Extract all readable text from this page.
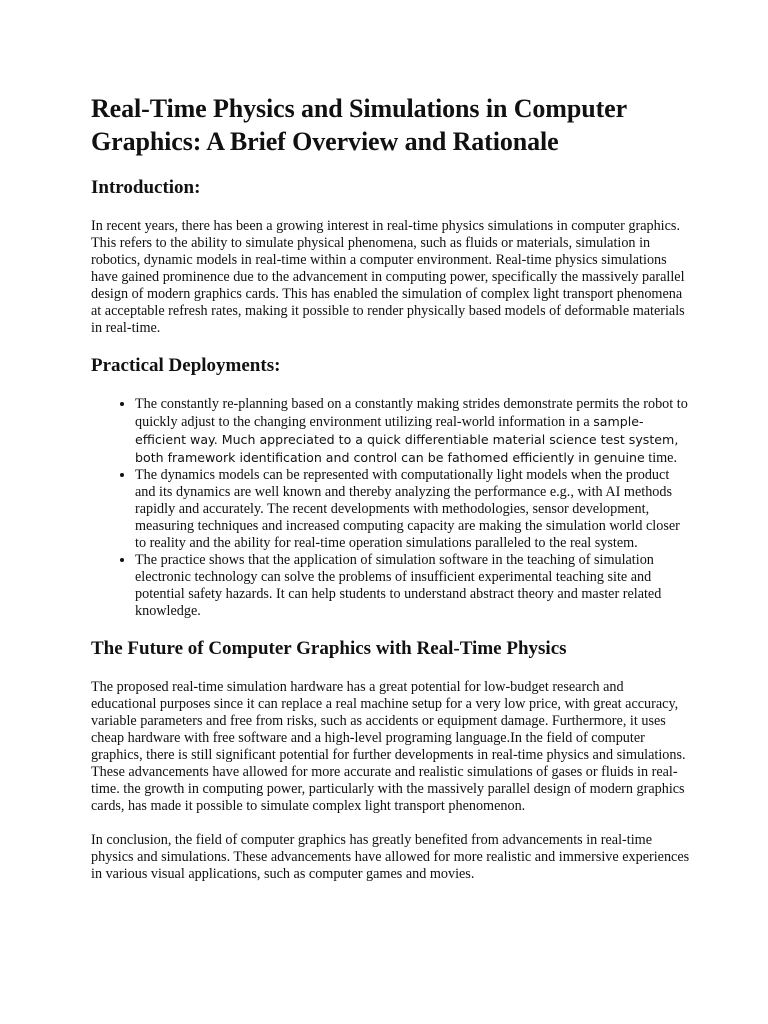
Real-Time Physics and Simulations in Computer Graphics: A Brief Overview and Rationale
Introduction:

In recent years, there has been a growing interest in real-time physics simulations in computer graphics. This refers to the ability to simulate physical phenomena, such as fluids or materials, simulation in robotics, dynamic models in real-time within a computer environment. Real-time physics simulations have gained prominence due to the advancement in computing power, specifically the massively parallel design of modern graphics cards. This has enabled the simulation of complex light transport phenomena at acceptable refresh rates, making it possible to render physically based models of deformable materials in real-time.

Practical Deployments:
• The constantly re-planning based on a constantly making strides demonstrate permits the robot to quickly adjust to the changing environment utilizing real-world information in a sample-efficient way. Much appreciated to a quick differentiable material science test system, both framework identification and control can be fathomed efficiently in genuine time.
• The dynamics models can be represented with computationally light models when the product and its dynamics are well known and thereby analyzing the performance e.g., with AI methods rapidly and accurately. The recent developments with methodologies, sensor development, measuring techniques and increased computing capacity are making the simulation world closer to reality and the ability for real-time operation simulations paralleled to the real system.
• The practice shows that the application of simulation software in the teaching of simulation electronic technology can solve the problems of insufficient experimental teaching site and potential safety hazards. It can help students to understand abstract theory and master related knowledge.
The Future of Computer Graphics with Real-Time Physics

The proposed real-time simulation hardware has a great potential for low-budget research and educational purposes since it can replace a real machine setup for a very low price, with great accuracy, variable parameters and free from risks, such as accidents or equipment damage. Furthermore, it uses cheap hardware with free software and a high-level programing language.In the field of computer graphics, there is still significant potential for further developments in real-time physics and simulations. These advancements have allowed for more accurate and realistic simulations of gases or fluids in real-time. the growth in computing power, particularly with the massively parallel design of modern graphics cards, has made it possible to simulate complex light transport phenomenon.

In conclusion, the field of computer graphics has greatly benefited from advancements in real-time physics and simulations. These advancements have allowed for more realistic and immersive experiences in various visual applications, such as computer games and movies.
